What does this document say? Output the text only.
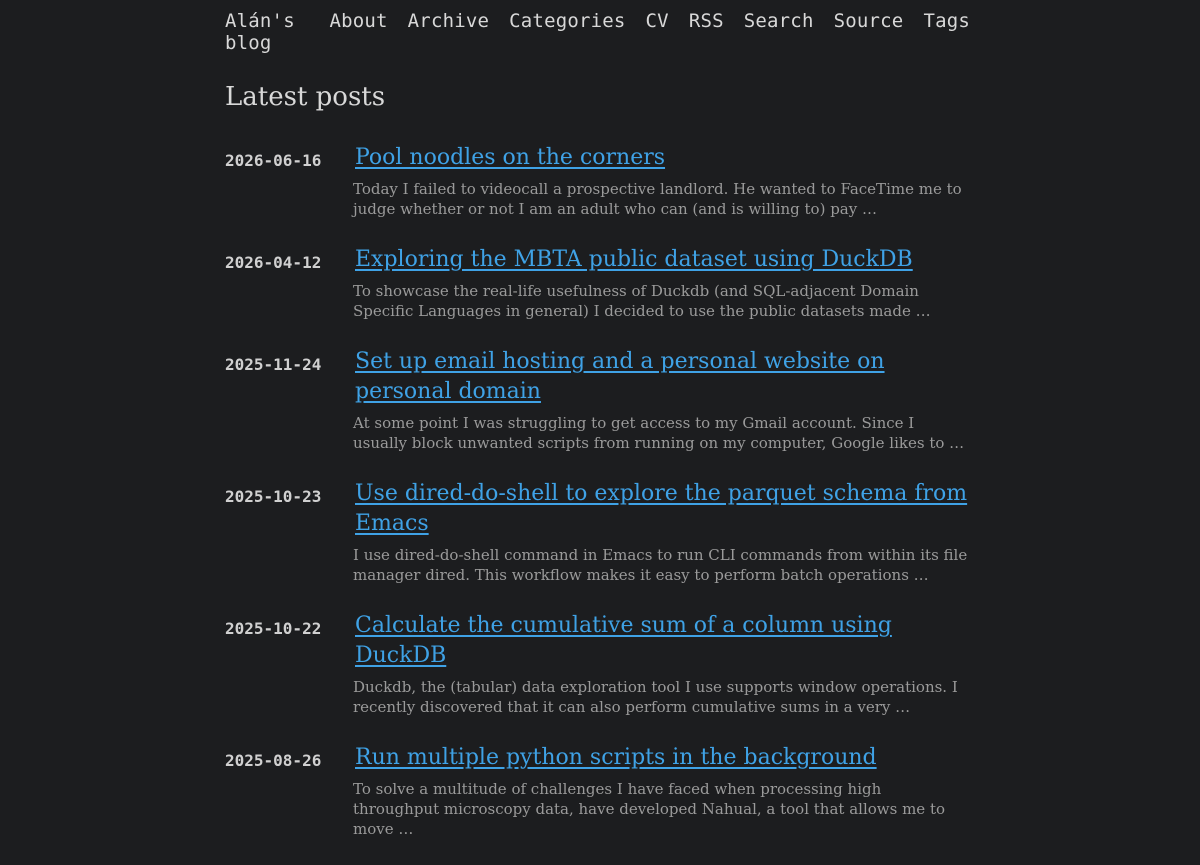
Alán's blog
About Archive Categories CV RSS Search Source Tags
Latest posts
2026-06-16 Pool noodles on the corners
Today I failed to videocall a prospective landlord. He wanted to FaceTime me to judge whether or not I am an adult who can (and is willing to) pay …
2026-04-12 Exploring the MBTA public dataset using DuckDB
To showcase the real-life usefulness of Duckdb (and SQL-adjacent Domain Specific Languages in general) I decided to use the public datasets made …
2025-11-24 Set up email hosting and a personal website on personal domain
At some point I was struggling to get access to my Gmail account. Since I usually block unwanted scripts from running on my computer, Google likes to …
2025-10-23 Use dired-do-shell to explore the parquet schema from Emacs
I use dired-do-shell command in Emacs to run CLI commands from within its file manager dired. This workflow makes it easy to perform batch operations …
2025-10-22 Calculate the cumulative sum of a column using DuckDB
Duckdb, the (tabular) data exploration tool I use supports window operations. I recently discovered that it can also perform cumulative sums in a very …
2025-08-26 Run multiple python scripts in the background
To solve a multitude of challenges I have faced when processing high throughput microscopy data, have developed Nahual, a tool that allows me to move …
